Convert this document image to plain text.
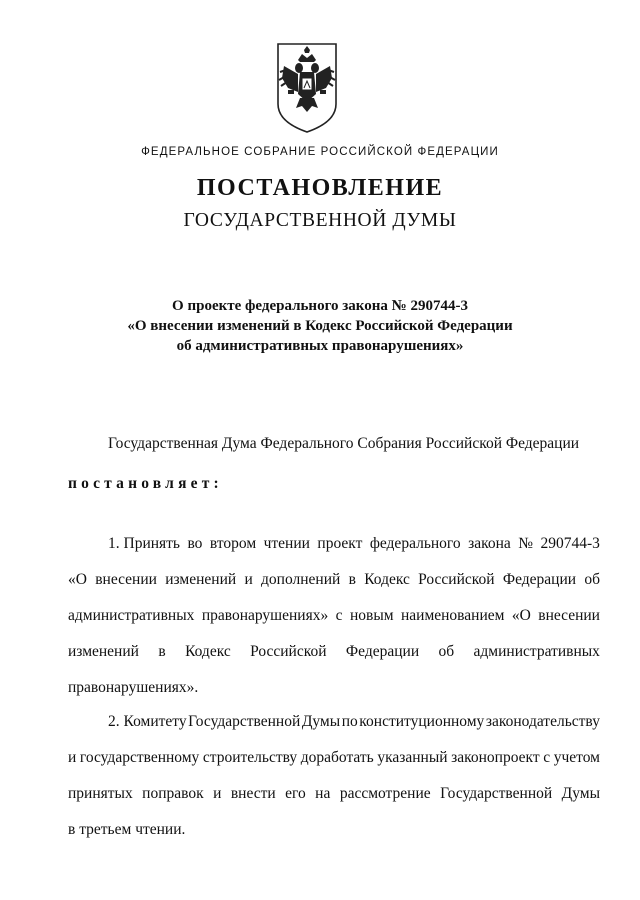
ФЕДЕРАЛЬНОЕ СОБРАНИЕ РОССИЙСКОЙ ФЕДЕРАЦИИ
ПОСТАНОВЛЕНИЕ
ГОСУДАРСТВЕННОЙ ДУМЫ
О проекте федерального закона № 290744-3
«О внесении изменений в Кодекс Российской Федерации
об административных правонарушениях»
Государственная Дума Федерального Собрания Российской Федерации
постановляет:
1. Принять во втором чтении проект федерального закона № 290744-3
«О внесении изменений и дополнений в Кодекс Российской Федерации об
административных правонарушениях» с новым наименованием «О внесении
изменений в Кодекс Российской Федерации об административных
правонарушениях».
2. Комитету Государственной Думы по конституционному законодательству
и государственному строительству доработать указанный законопроект с учетом
принятых поправок и внести его на рассмотрение Государственной Думы
в третьем чтении.
